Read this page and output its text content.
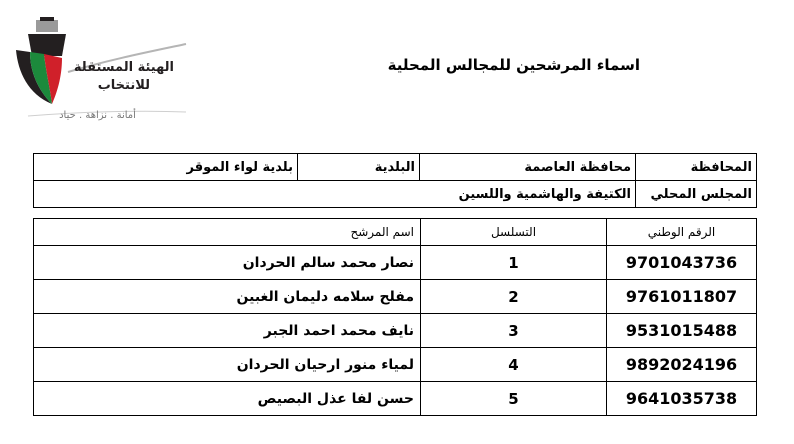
الهيئة المستقلة
للانتخاب
أمانة . نزاهة . حياد
اسماء المرشحين للمجالس المحلية
المحافظة	محافظة العاصمة	البلدية	بلدية لواء الموقر
المجلس المحلي	الكتيفة والهاشمية واللسين		
الرقم الوطني	التسلسل	اسم المرشح
9701043736	1	نصار محمد سالم الحردان
9761011807	2	مفلح سلامه دليمان الغبين
9531015488	3	نايف محمد احمد الجبر
9892024196	4	لمياء منور ارحيان الحردان
9641035738	5	حسن لفا عذل البصيص
